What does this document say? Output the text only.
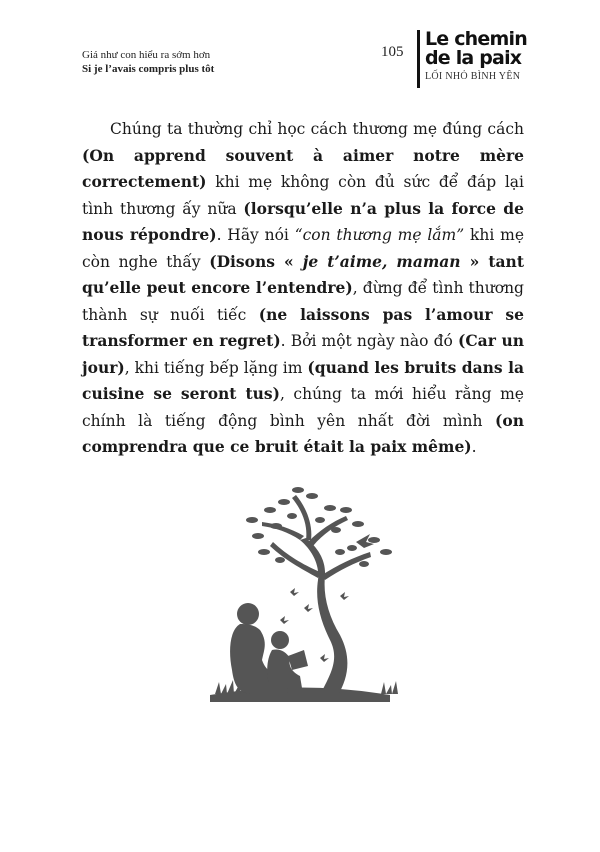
Giá như con hiểu ra sớm hơn
Si je l’avais compris plus tôt
105
Le chemin
de la paix
LỐI NHỎ BÌNH YÊN

Chúng ta thường chỉ học cách thương mẹ đúng cách (On apprend souvent à aimer notre mère correctement) khi mẹ không còn đủ sức để đáp lại tình thương ấy nữa (lorsqu’elle n’a plus la force de nous répondre). Hãy nói “con thương mẹ lắm” khi mẹ còn nghe thấy (Disons « je t’aime, maman » tant qu’elle peut encore l’entendre), đừng để tình thương thành sự nuối tiếc (ne laissons pas l’amour se transformer en regret). Bởi một ngày nào đó (Car un jour), khi tiếng bếp lặng im (quand les bruits dans la cuisine se seront tus), chúng ta mới hiểu rằng mẹ chính là tiếng động bình yên nhất đời mình (on comprendra que ce bruit était la paix même).
